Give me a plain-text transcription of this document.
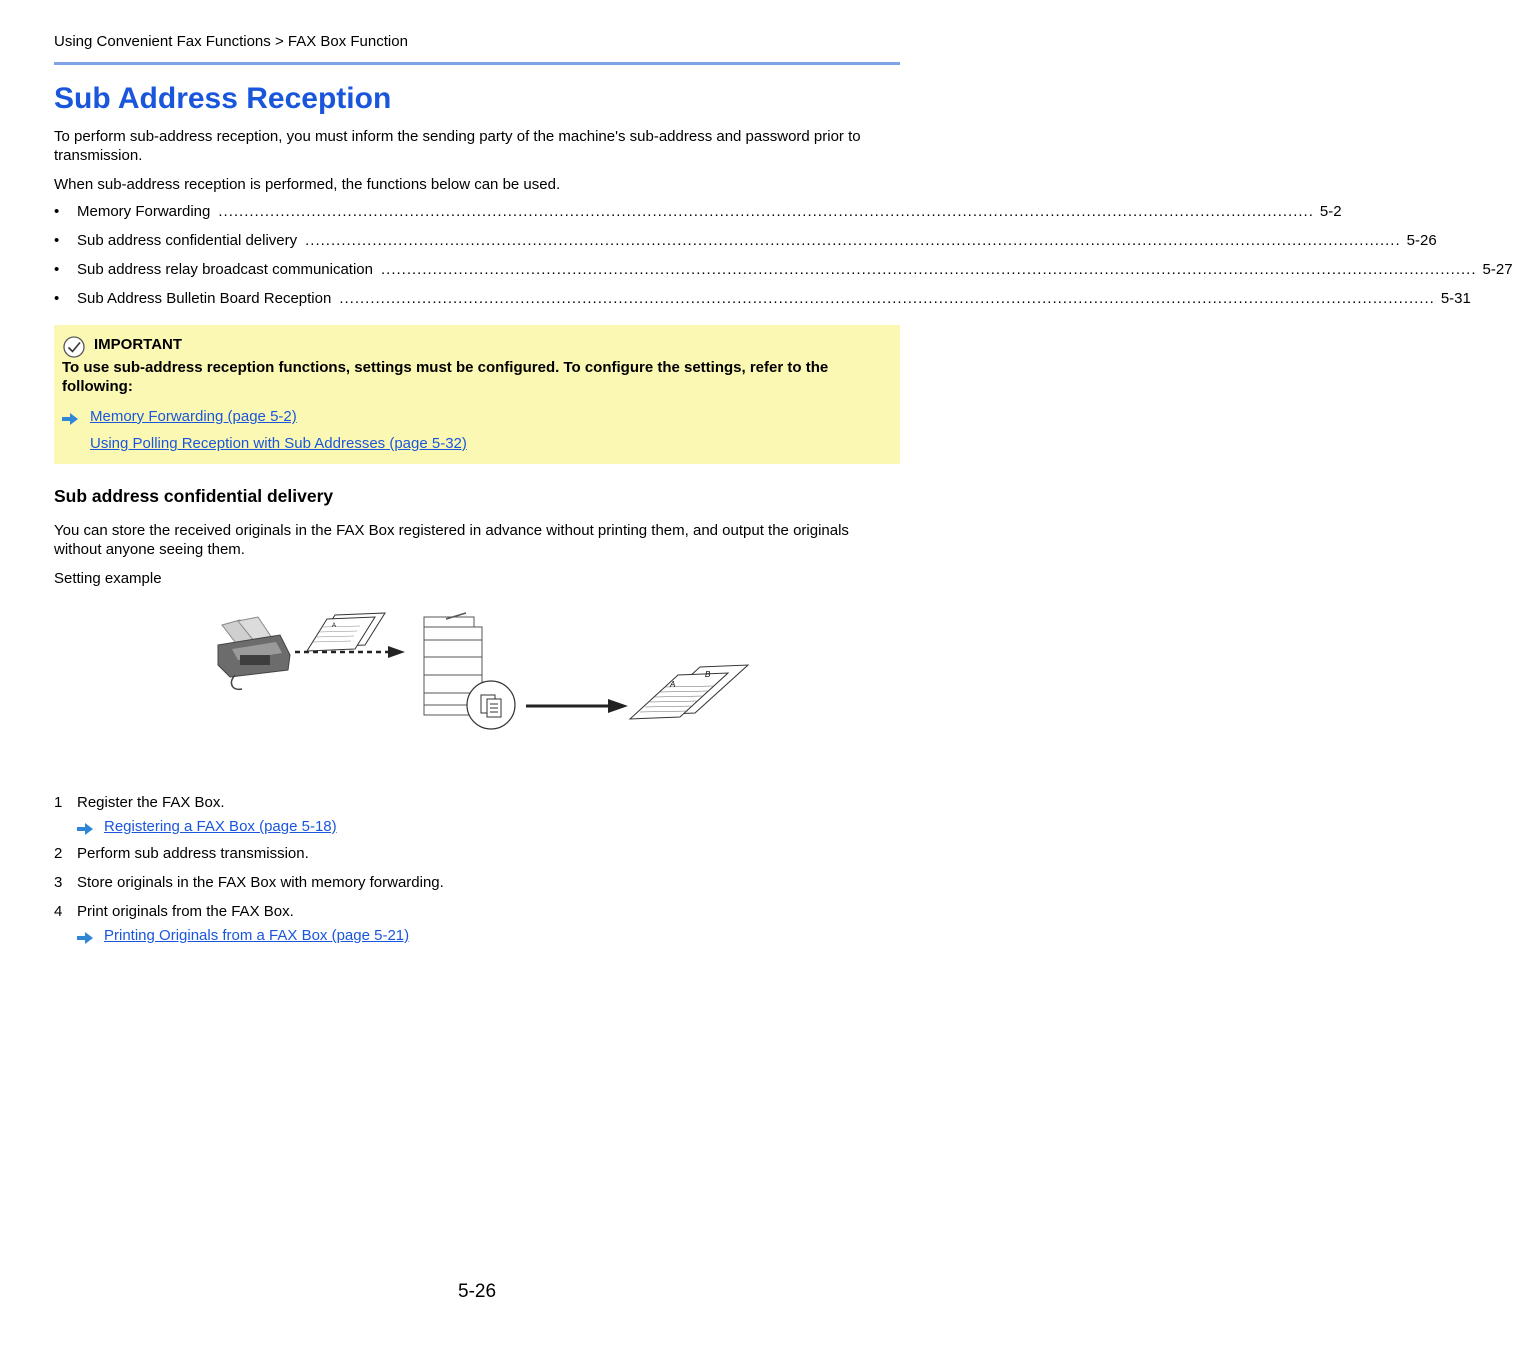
Using Convenient Fax Functions > FAX Box Function
Sub Address Reception
To perform sub-address reception, you must inform the sending party of the machine's sub-address and password prior to transmission.
When sub-address reception is performed, the functions below can be used.
•	Memory Forwarding .................................................................................................................................................................................................................... 5-2
•	Sub address confidential delivery .................................................................................................................................................................................................................... 5-26
•	Sub address relay broadcast communication .................................................................................................................................................................................................................... 5-27
•	Sub Address Bulletin Board Reception .................................................................................................................................................................................................................... 5-31
IMPORTANT
To use sub-address reception functions, settings must be configured. To configure the settings, refer to the following:
Memory Forwarding (page 5-2)
Using Polling Reception with Sub Addresses (page 5-32)
Sub address confidential delivery
You can store the received originals in the FAX Box registered in advance without printing them, and output the originals without anyone seeing them.
Setting example
A
A
B
1 Register the FAX Box.
Registering a FAX Box (page 5-18)
2 Perform sub address transmission.
3 Store originals in the FAX Box with memory forwarding.
4 Print originals from the FAX Box.
Printing Originals from a FAX Box (page 5-21)
5-26
